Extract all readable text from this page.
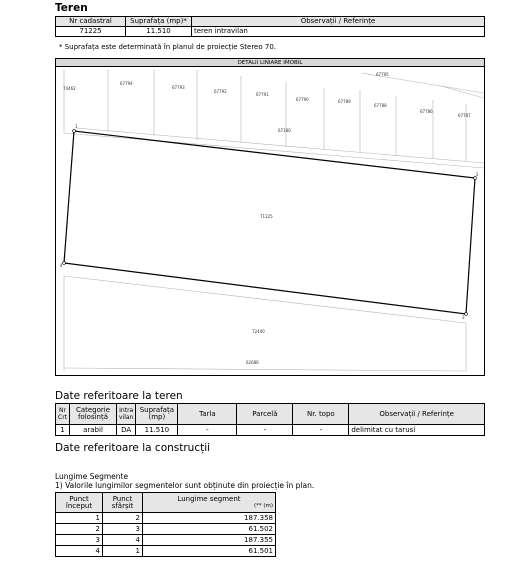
Teren
Nr cadastral	Suprafața (mp)*	Observații / Referințe
71225	11.510	teren intravilan
* Suprafața este determinată în planul de proiecție Stereo 70.
DETALII LINIARE IMOBIL
74462
67794
67793
67792
67791
67790	67789
67788
67795
67786
67787
67180
71225
72440
62686
1
2
3
4
Date referitoare la teren
Nr Crt	Categorie folosință	Intra vilan	Suprafața (mp)	Tarla	Parcelă	Nr. topo	Observații / Referințe
1	arabil	DA	11.510	-	-	-	delimitat cu tarusi
Date referitoare la construcții
Lungime Segmente
1) Valorile lungimilor segmentelor sunt obținute din proiecție în plan.
Punct început	Punct sfârșit	Lungime segment
(** (m)

1	2	187.358
2	3	61.502
3	4	187.355
4	1	61.501
